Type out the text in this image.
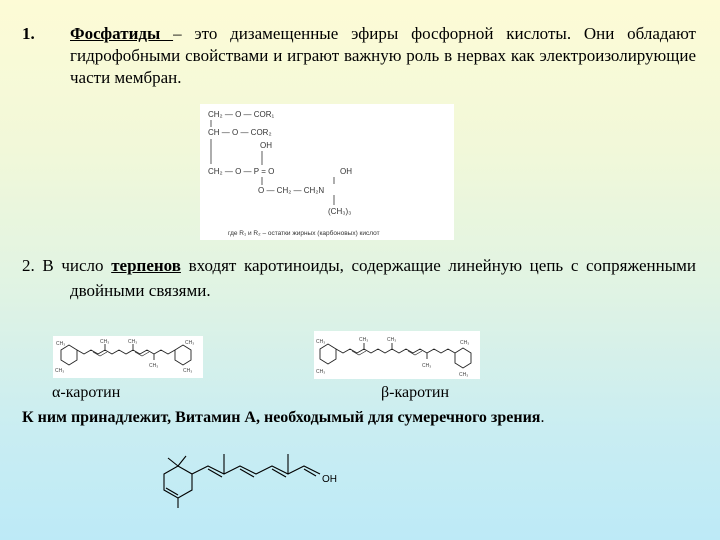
1. Фосфатиды – это дизамещенные эфиры фосфорной кислоты. Они обладают гидрофобными свойствами и играют важную роль в нервах как электроизолирующие части мембран.
CH₂ — O — COR₁
CH — O — COR₂
OH
CH₂ — O — P = O	OH
O — CH₂ — CH₂N
(CH₃)₃
где R₁ и R₂ – остатки жирных (карбоновых) кислот
2. В число терпенов входят каротиноиды, содержащие линейную цепь с сопряженными двойными связями.
CH₃
CH₃
CH₃	CH₃
CH₃
CH₃
CH₃
CH₃
CH₃
CH₃	CH₃
CH₃
CH₃
CH₃
α-каротин	β-каротин
К ним принадлежит, Витамин А, необходымый для сумеречного зрения.
OH
